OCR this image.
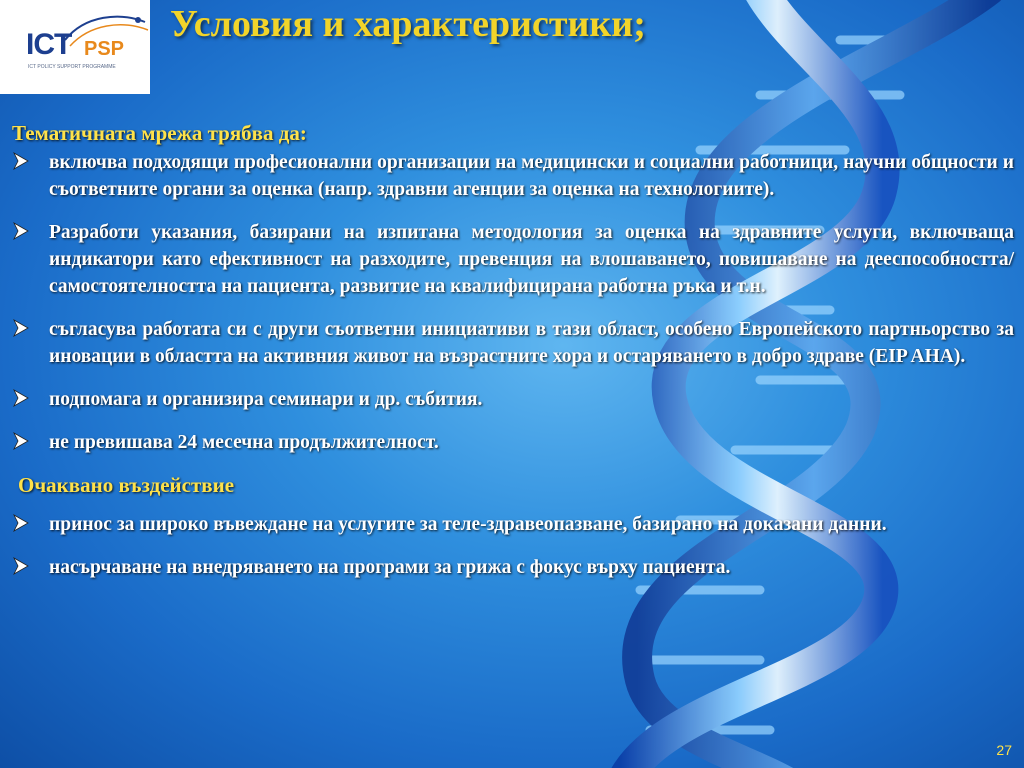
ICT PSP
ICT POLICY SUPPORT PROGRAMME
Условия и характеристики;
Тематичната мрежа трябва да:
включва подходящи професионални организации на медицински и социални работници, научни общности и съответните органи за оценка (напр. здравни агенции за оценка на технологиите).
Разработи указания, базирани на изпитана методология за оценка на здравните услуги, включваща индикатори като ефективност на разходите, превенция на влошаването, повишаване на дееспособността/самостоятелността на пациента, развитие на квалифицирана работна ръка и т.н.
съгласува работата си с други съответни инициативи в тази област, особено Европейското партньорство за иновации в областта на активния живот на възрастните хора и остаряването в добро здраве (EIP AHA).
подпомага и организира семинари и др. събития.
не превишава 24 месечна продължителност.
Очаквано въздействие
принос за широко въвеждане на услугите за теле-здравеопазване, базирано на доказани данни.
насърчаване на внедряването на програми за грижа с фокус върху пациента.
27
